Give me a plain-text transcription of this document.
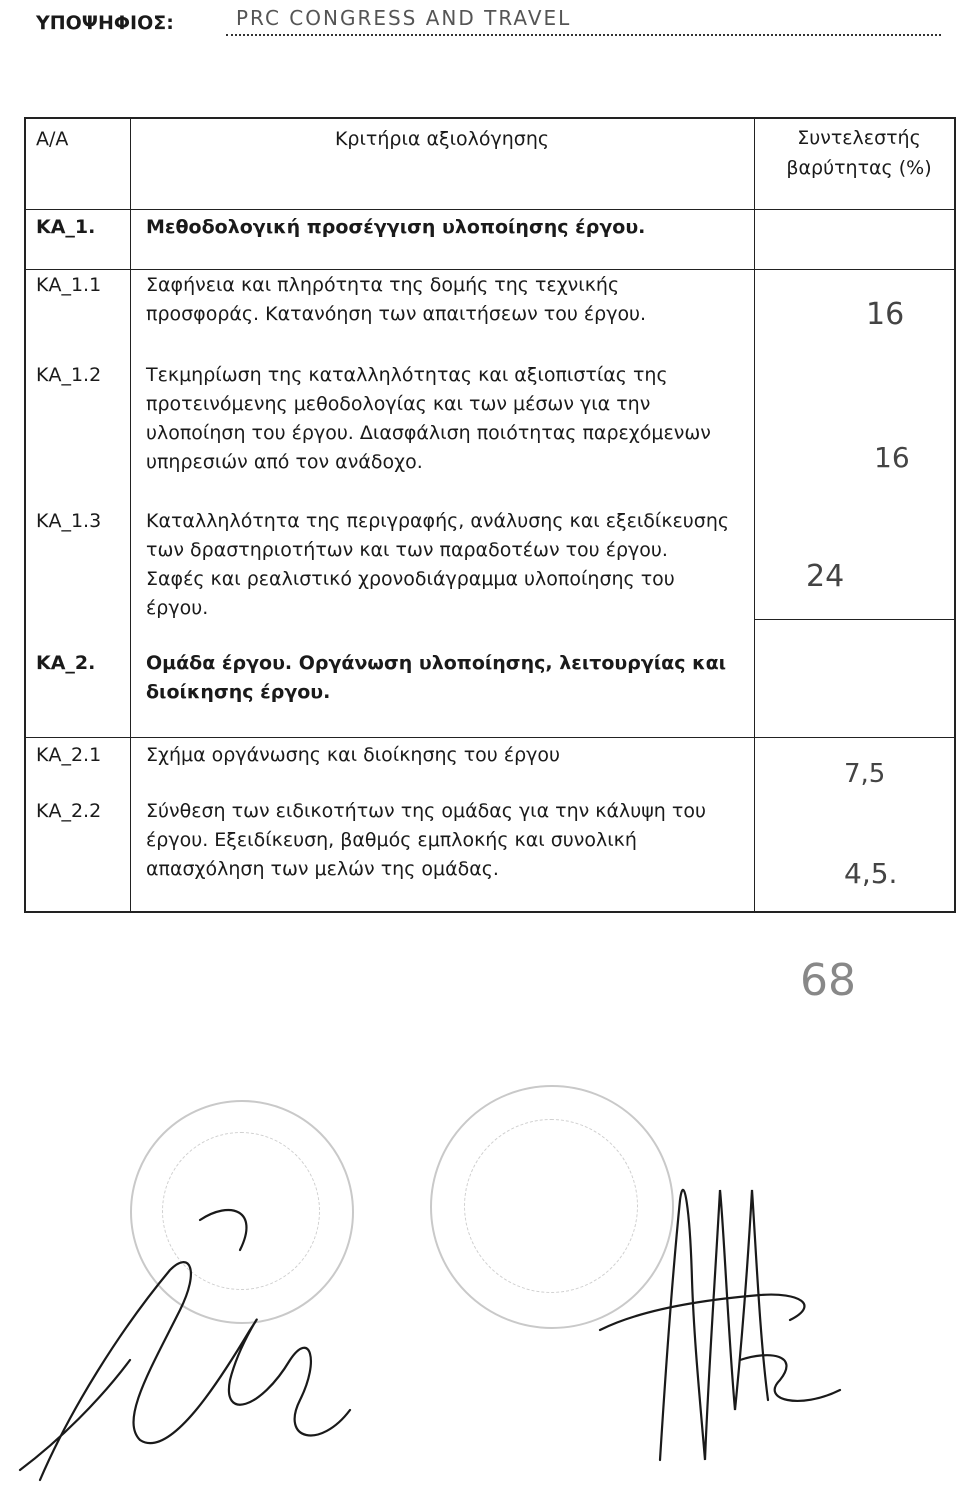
ΥΠΟΨΗΦΙΟΣ:	PRC CONGRESS AND TRAVEL
Α/Α	Κριτήρια αξιολόγησης	Συντελεστής
βαρύτητας (%)
ΚΑ_1.	Μεθοδολογική προσέγγιση υλοποίησης έργου.
ΚΑ_1.1	Σαφήνεια και πληρότητα της δομής της τεχνικής
προσφοράς. Κατανόηση των απαιτήσεων του έργου.	16
ΚΑ_1.2	Τεκμηρίωση της καταλληλότητας και αξιοπιστίας της
προτεινόμενης μεθοδολογίας και των μέσων για την
υλοποίηση του έργου. Διασφάλιση ποιότητας παρεχόμενων
υπηρεσιών από τον ανάδοχο.	16
ΚΑ_1.3	Καταλληλότητα της περιγραφής, ανάλυσης και εξειδίκευσης
των δραστηριοτήτων και των παραδοτέων του έργου.
Σαφές και ρεαλιστικό χρονοδιάγραμμα υλοποίησης του
έργου.
24
ΚΑ_2.	Ομάδα έργου. Οργάνωση υλοποίησης, λειτουργίας και
διοίκησης έργου.
ΚΑ_2.1	Σχήμα οργάνωσης και διοίκησης του έργου
7,5
ΚΑ_2.2	Σύνθεση των ειδικοτήτων της ομάδας για την κάλυψη του
έργου. Εξειδίκευση, βαθμός εμπλοκής και συνολική
απασχόληση των μελών της ομάδας.	4,5.
68
